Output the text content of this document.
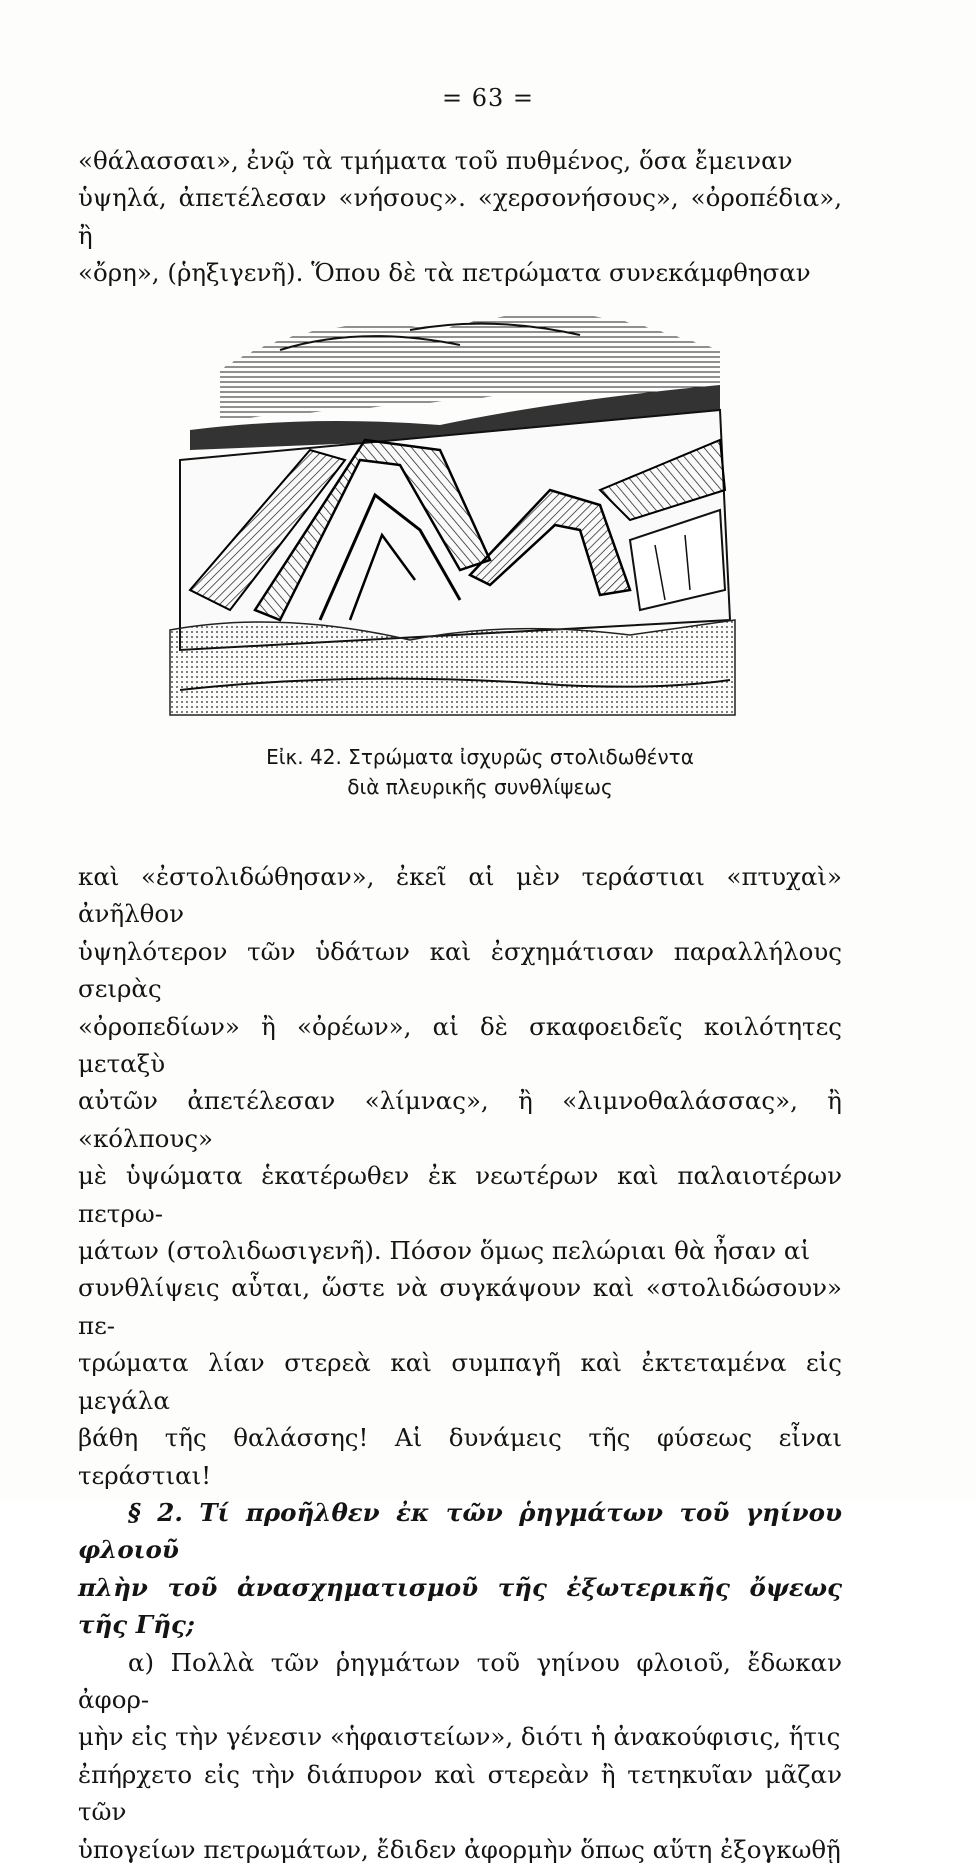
= 63 =

«θάλασσαι», ἐνῷ τὰ τμήματα τοῦ πυθμένος, ὅσα ἔμειναν

ὑψηλά, ἀπετέλεσαν «νήσους». «χερσονήσους», «ὀροπέδια», ἢ

«ὄρη», (ῥηξιγενῆ). Ὅπου δὲ τὰ πετρώματα συνεκάμφθησαν

Εἰκ. 42. Στρώματα ἰσχυρῶς στολιδωθέντα
διὰ πλευρικῆς συνθλίψεως

καὶ «ἐστολιδώθησαν», ἐκεῖ αἱ μὲν τεράστιαι «πτυχαὶ» ἀνῆλθον

ὑψηλότερον τῶν ὑδάτων καὶ ἐσχημάτισαν παραλλήλους σειρὰς

«ὀροπεδίων» ἢ «ὀρέων», αἱ δὲ σκαφοειδεῖς κοιλότητες μεταξὺ

αὐτῶν ἀπετέλεσαν «λίμνας», ἢ «λιμνοθαλάσσας», ἢ «κόλπους»

μὲ ὑψώματα ἑκατέρωθεν ἐκ νεωτέρων καὶ παλαιοτέρων πετρω-

μάτων (στολιδωσιγενῆ). Πόσον ὅμως πελώριαι θὰ ἦσαν αἱ

συνθλίψεις αὗται, ὥστε νὰ συγκάψουν καὶ «στολιδώσουν» πε-

τρώματα λίαν στερεὰ καὶ συμπαγῆ καὶ ἐκτεταμένα εἰς μεγάλα

βάθη τῆς θαλάσσης! Αἱ δυνάμεις τῆς φύσεως εἶναι τεράστιαι!

§ 2. Τί προῆλθεν ἐκ τῶν ῥηγμάτων τοῦ γηίνου φλοιοῦ

πλὴν τοῦ ἀνασχηματισμοῦ τῆς ἐξωτερικῆς ὄψεως τῆς Γῆς;

α) Πολλὰ τῶν ῥηγμάτων τοῦ γηίνου φλοιοῦ, ἔδωκαν ἀφορ-

μὴν εἰς τὴν γένεσιν «ἡφαιστείων», διότι ἡ ἀνακούφισις, ἥτις

ἐπήρχετο εἰς τὴν διάπυρον καὶ στερεὰν ἢ τετηκυῖαν μᾶζαν τῶν

ὑπογείων πετρωμάτων, ἔδιδεν ἀφορμὴν ὅπως αὕτη ἐξογκωθῇ
